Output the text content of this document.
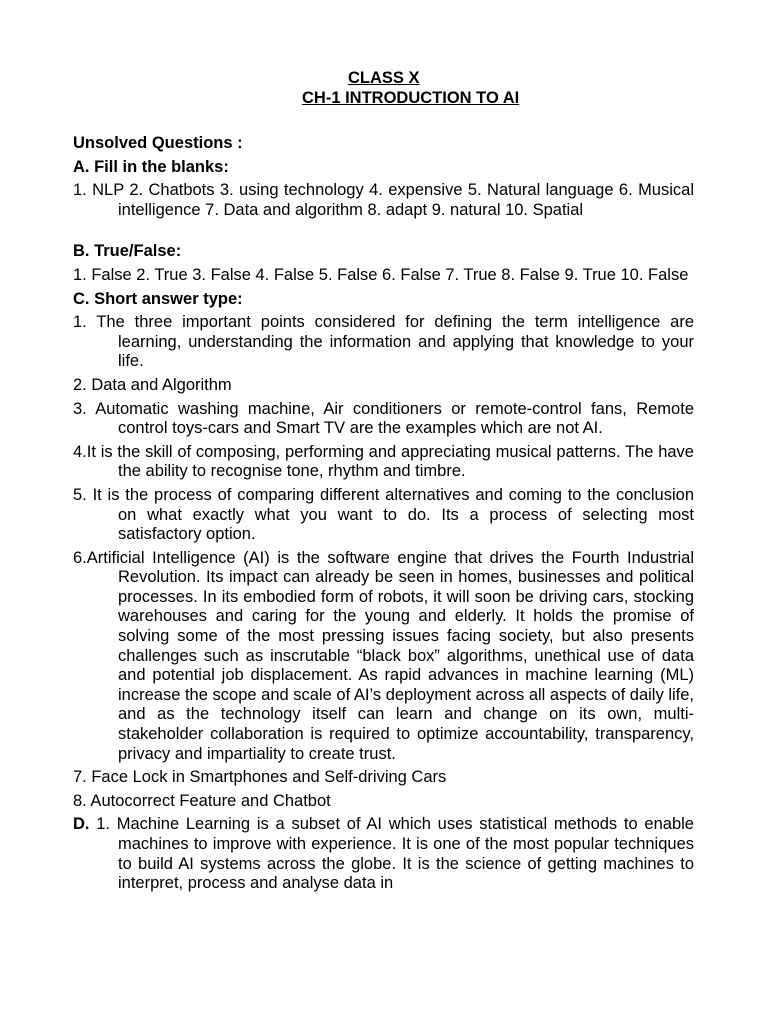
CLASS X

CH-1 INTRODUCTION TO AI

Unsolved Questions :

A. Fill in the blanks:

1. NLP 2. Chatbots 3. using technology 4. expensive 5. Natural language 6. Musical intelligence 7. Data and algorithm 8. adapt 9. natural 10. Spatial

B. True/False:

1. False 2. True 3. False 4. False 5. False 6. False 7. True 8. False 9. True 10. False

C. Short answer type:

1. The three important points considered for defining the term intelligence are learning, understanding the information and applying that knowledge to your life.

2. Data and Algorithm

3. Automatic washing machine, Air conditioners or remote-control fans, Remote control toys-cars and Smart TV are the examples which are not AI.

4.It is the skill of composing, performing and appreciating musical patterns. The have the ability to recognise tone, rhythm and timbre.

5. It is the process of comparing different alternatives and coming to the conclusion on what exactly what you want to do. Its a process of selecting most satisfactory option.

6.Artificial Intelligence (AI) is the software engine that drives the Fourth Industrial Revolution. Its impact can already be seen in homes, businesses and political processes. In its embodied form of robots, it will soon be driving cars, stocking warehouses and caring for the young and elderly. It holds the promise of solving some of the most pressing issues facing society, but also presents challenges such as inscrutable “black box” algorithms, unethical use of data and potential job displacement. As rapid advances in machine learning (ML) increase the scope and scale of AI’s deployment across all aspects of daily life, and as the technology itself can learn and change on its own, multi-stakeholder collaboration is required to optimize accountability, transparency, privacy and impartiality to create trust.

7. Face Lock in Smartphones and Self-driving Cars

8. Autocorrect Feature and Chatbot

D. 1. Machine Learning is a subset of AI which uses statistical methods to enable machines to improve with experience. It is one of the most popular techniques to build AI systems across the globe. It is the science of getting machines to interpret, process and analyse data in
